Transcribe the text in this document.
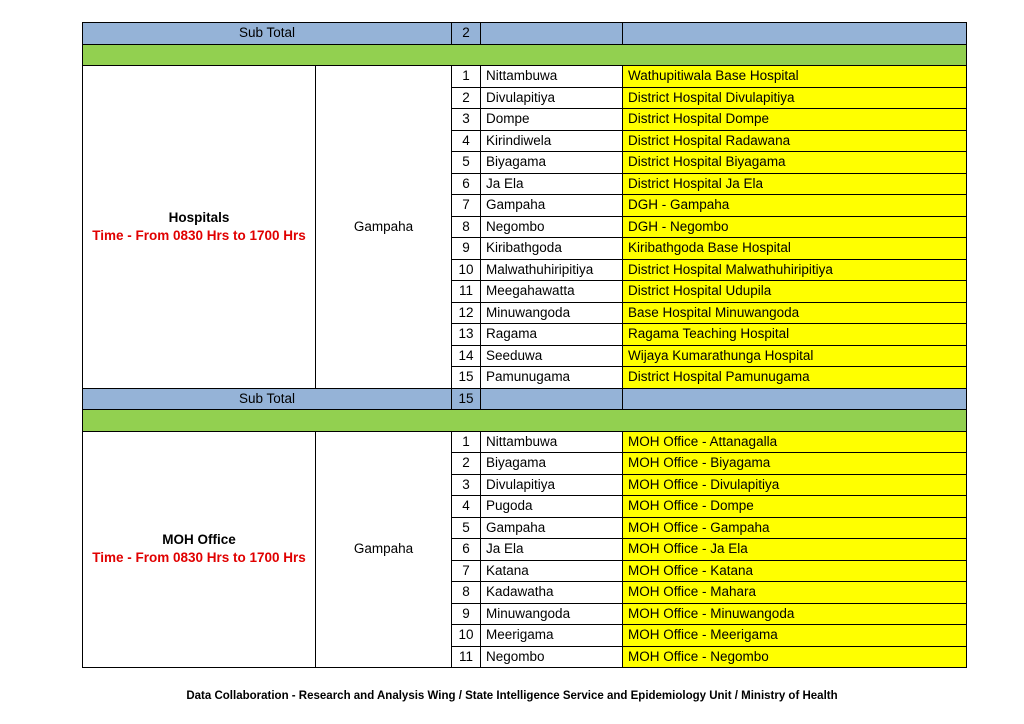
Sub Total		2		

Hospitals
Time - From 0830 Hrs to 1700 Hrs	Gampaha	1	Nittambuwa	Wathupitiwala Base Hospital
		2	Divulapitiya	District Hospital Divulapitiya
		3	Dompe	District Hospital Dompe
		4	Kirindiwela	District Hospital Radawana
		5	Biyagama	District Hospital Biyagama
		6	Ja Ela	District Hospital Ja Ela
		7	Gampaha	DGH - Gampaha
		8	Negombo	DGH - Negombo
		9	Kiribathgoda	Kiribathgoda Base Hospital
		10	Malwathuhiripitiya	District Hospital Malwathuhiripitiya
		11	Meegahawatta	District Hospital Udupila
		12	Minuwangoda	Base Hospital Minuwangoda
		13	Ragama	Ragama Teaching Hospital
		14	Seeduwa	Wijaya Kumarathunga Hospital
		15	Pamunugama	District Hospital Pamunugama
Sub Total		15		

MOH Office
Time - From 0830 Hrs to 1700 Hrs	Gampaha	1	Nittambuwa	MOH Office - Attanagalla
		2	Biyagama	MOH Office - Biyagama
		3	Divulapitiya	MOH Office - Divulapitiya
		4	Pugoda	MOH Office - Dompe
		5	Gampaha	MOH Office - Gampaha
		6	Ja Ela	MOH Office - Ja Ela
		7	Katana	MOH Office - Katana
		8	Kadawatha	MOH Office - Mahara
		9	Minuwangoda	MOH Office - Minuwangoda
		10	Meerigama	MOH Office - Meerigama
		11	Negombo	MOH Office - Negombo
Data Collaboration - Research and Analysis Wing / State Intelligence Service and Epidemiology Unit / Ministry of Health
